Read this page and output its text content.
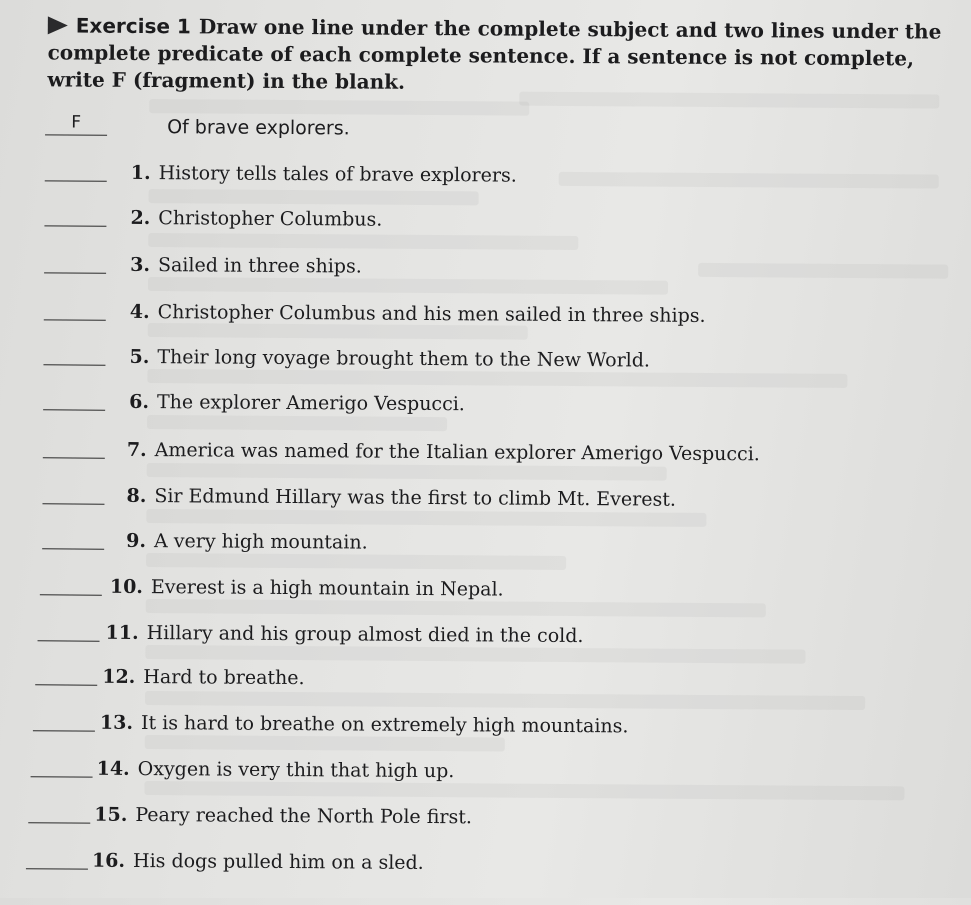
Exercise 1 Draw one line under the complete subject and two lines under the complete predicate of each complete sentence. If a sentence is not complete, write F (fragment) in the blank.
F	Of brave explorers.
1. History tells tales of brave explorers.
2. Christopher Columbus.
3. Sailed in three ships.
4. Christopher Columbus and his men sailed in three ships.
5. Their long voyage brought them to the New World.
6. The explorer Amerigo Vespucci.
7. America was named for the Italian explorer Amerigo Vespucci.
8. Sir Edmund Hillary was the first to climb Mt. Everest.
9. A very high mountain.
10. Everest is a high mountain in Nepal.
11. Hillary and his group almost died in the cold.
12. Hard to breathe.
13. It is hard to breathe on extremely high mountains.
14. Oxygen is very thin that high up.
15. Peary reached the North Pole first.
16. His dogs pulled him on a sled.
